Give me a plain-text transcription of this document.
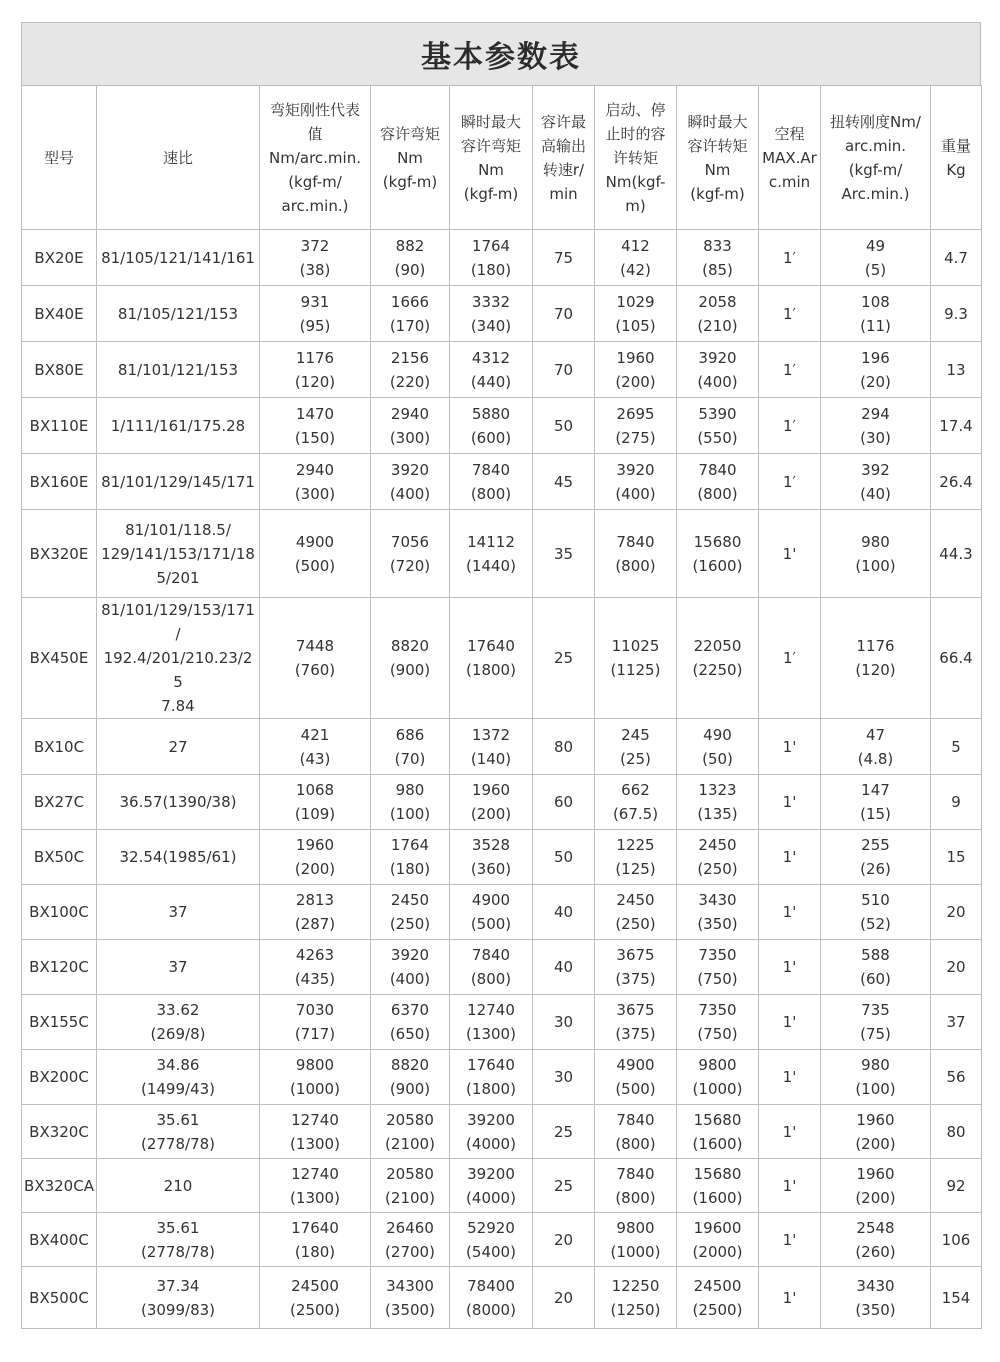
基本参数表
型号	速比	弯矩刚性代表
值
Nm/arc.min.
(kgf-m/
arc.min.)	容许弯矩
Nm
(kgf-m)	瞬时最大
容许弯矩
Nm
(kgf-m)	容许最
高输出
转速r/
min	启动、停
止时的容
许转矩
Nm(kgf-
m)	瞬时最大
容许转矩
Nm
(kgf-m)	空程
MAX.Ar
c.min	扭转刚度Nm/
arc.min.
(kgf-m/
Arc.min.)	重量
Kg

BX20E	81/105/121/141/161	372
(38)	882
(90)	1764
(180)	75	412
(42)	833
(85)	1′	49
(5)	4.7

BX40E	81/105/121/153	931
(95)	1666
(170)	3332
(340)	70	1029
(105)	2058
(210)	1′	108
(11)	9.3

BX80E	81/101/121/153	1176
(120)	2156
(220)	4312
(440)	70	1960
(200)	3920
(400)	1′	196
(20)	13

BX110E	1/111/161/175.28	1470
(150)	2940
(300)	5880
(600)	50	2695
(275)	5390
(550)	1′	294
(30)	17.4

BX160E	81/101/129/145/171	2940
(300)	3920
(400)	7840
(800)	45	3920
(400)	7840
(800)	1′	392
(40)	26.4

BX320E	81/101/118.5/
129/141/153/171/18
5/201	4900
(500)	7056
(720)	14112
(1440)	35	7840
(800)	15680
(1600)	1'	980
(100)	44.3

BX450E	81/101/129/153/171
/
192.4/201/210.23/25
7.84	7448
(760)	8820
(900)	17640
(1800)	25	11025
(1125)	22050
(2250)	1′	1176
(120)	66.4

BX10C	27	421
(43)	686
(70)	1372
(140)	80	245
(25)	490
(50)	1'	47
(4.8)	5

BX27C	36.57(1390/38)	1068
(109)	980
(100)	1960
(200)	60	662
(67.5)	1323
(135)	1'	147
(15)	9

BX50C	32.54(1985/61)	1960
(200)	1764
(180)	3528
(360)	50	1225
(125)	2450
(250)	1'	255
(26)	15

BX100C	37	2813
(287)	2450
(250)	4900
(500)	40	2450
(250)	3430
(350)	1'	510
(52)	20

BX120C	37	4263
(435)	3920
(400)	7840
(800)	40	3675
(375)	7350
(750)	1'	588
(60)	20

BX155C	33.62
(269/8)	7030
(717)	6370
(650)	12740
(1300)	30	3675
(375)	7350
(750)	1'	735
(75)	37

BX200C	34.86
(1499/43)	9800
(1000)	8820
(900)	17640
(1800)	30	4900
(500)	9800
(1000)	1'	980
(100)	56

BX320C	35.61
(2778/78)	12740
(1300)	20580
(2100)	39200
(4000)	25	7840
(800)	15680
(1600)	1'	1960
(200)	80

BX320CA	210	12740
(1300)	20580
(2100)	39200
(4000)	25	7840
(800)	15680
(1600)	1'	1960
(200)	92

BX400C	35.61
(2778/78)	17640
(180)	26460
(2700)	52920
(5400)	20	9800
(1000)	19600
(2000)	1'	2548
(260)	106

BX500C	37.34
(3099/83)	24500
(2500)	34300
(3500)	78400
(8000)	20	12250
(1250)	24500
(2500)	1'	3430
(350)	154
